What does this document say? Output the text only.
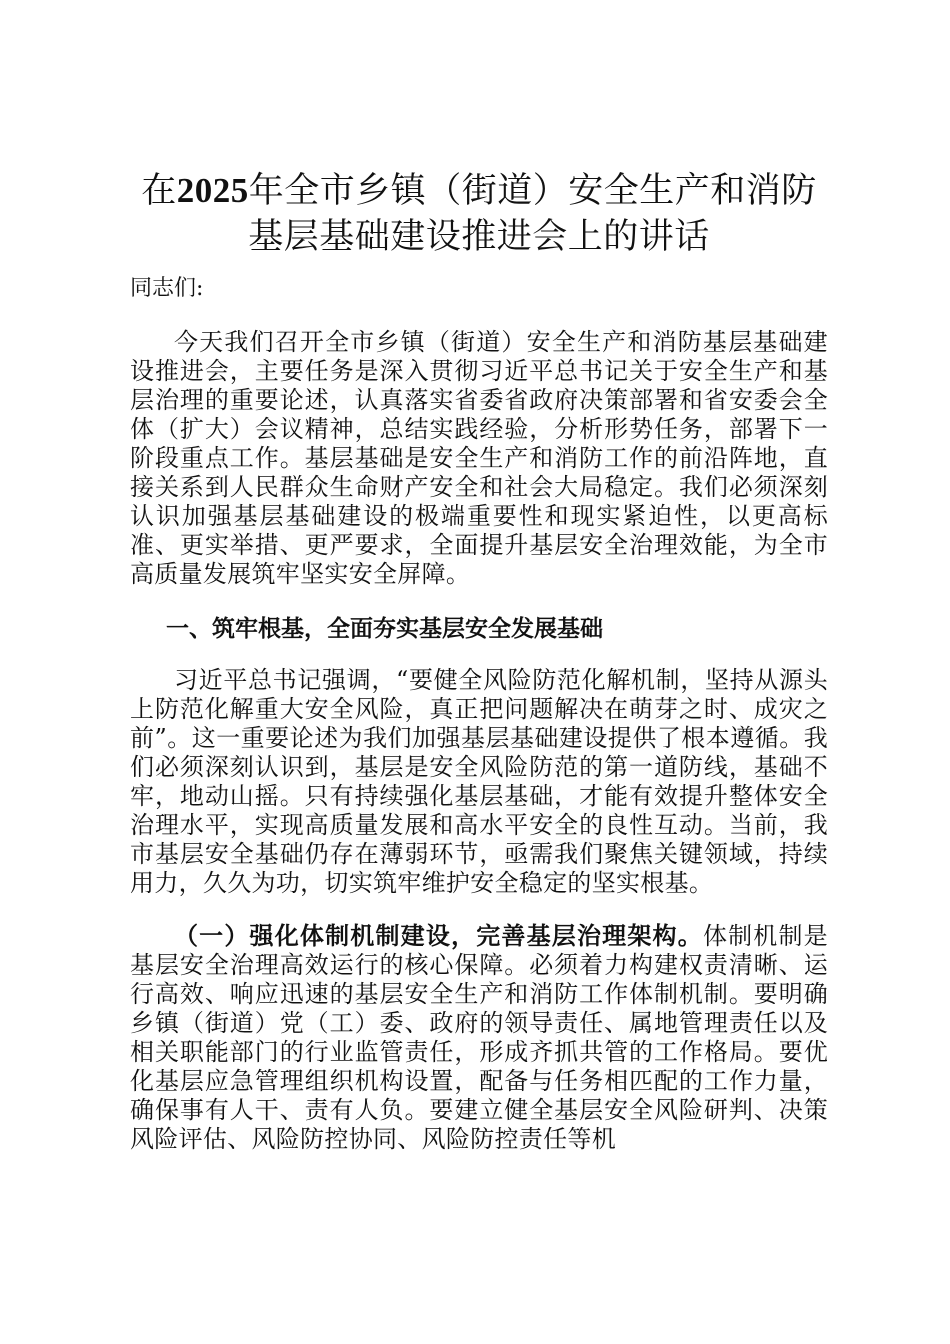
在2025年全市乡镇（街道）安全生产和消防
基层基础建设推进会上的讲话

同志们:

今天我们召开全市乡镇（街道）安全生产和消防基层基础建设推进会，主要任务是深入贯彻习近平总书记关于安全生产和基层治理的重要论述，认真落实省委省政府决策部署和省安委会全体（扩大）会议精神，总结实践经验，分析形势任务，部署下一阶段重点工作。基层基础是安全生产和消防工作的前沿阵地，直接关系到人民群众生命财产安全和社会大局稳定。我们必须深刻认识加强基层基础建设的极端重要性和现实紧迫性，以更高标准、更实举措、更严要求，全面提升基层安全治理效能，为全市高质量发展筑牢坚实安全屏障。

一、筑牢根基，全面夯实基层安全发展基础

习近平总书记强调，“要健全风险防范化解机制，坚持从源头上防范化解重大安全风险，真正把问题解决在萌芽之时、成灾之前”。这一重要论述为我们加强基层基础建设提供了根本遵循。我们必须深刻认识到，基层是安全风险防范的第一道防线，基础不牢，地动山摇。只有持续强化基层基础，才能有效提升整体安全治理水平，实现高质量发展和高水平安全的良性互动。当前，我市基层安全基础仍存在薄弱环节，亟需我们聚焦关键领域，持续用力，久久为功，切实筑牢维护安全稳定的坚实根基。

（一）强化体制机制建设，完善基层治理架构。体制机制是基层安全治理高效运行的核心保障。必须着力构建权责清晰、运行高效、响应迅速的基层安全生产和消防工作体制机制。要明确乡镇（街道）党（工）委、政府的领导责任、属地管理责任以及相关职能部门的行业监管责任，形成齐抓共管的工作格局。要优化基层应急管理组织机构设置，配备与任务相匹配的工作力量，确保事有人干、责有人负。要建立健全基层安全风险研判、决策风险评估、风险防控协同、风险防控责任等机
